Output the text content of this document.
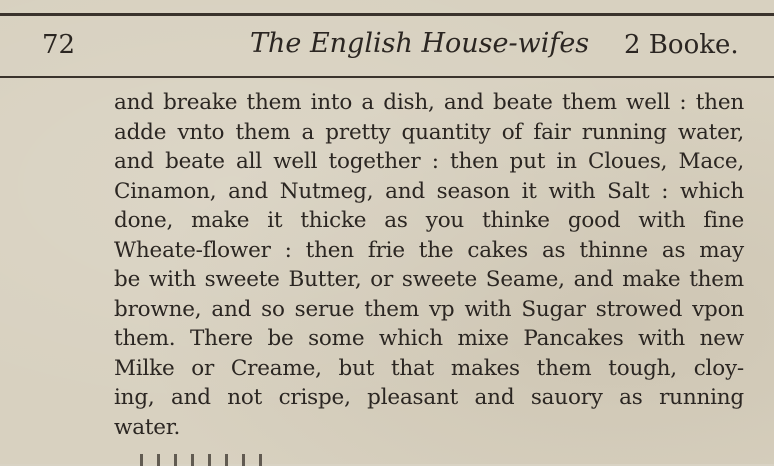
72	The English House-wifes 2 Booke.
and breake them into a dish, and beate them well : then
adde vnto them a pretty quantity of fair running water,
and beate all well together : then put in Cloues, Mace,
Cinamon, and Nutmeg, and season it with Salt : which
done, make it thicke as you thinke good with fine
Wheate-flower : then frie the cakes as thinne as may
be with sweete Butter, or sweete Seame, and make them
browne, and so serue them vp with Sugar strowed vpon
them. There be some which mixe Pancakes with new
Milke or Creame, but that makes them tough, cloy-
ing, and not crispe, pleasant and sauory as running
water.
